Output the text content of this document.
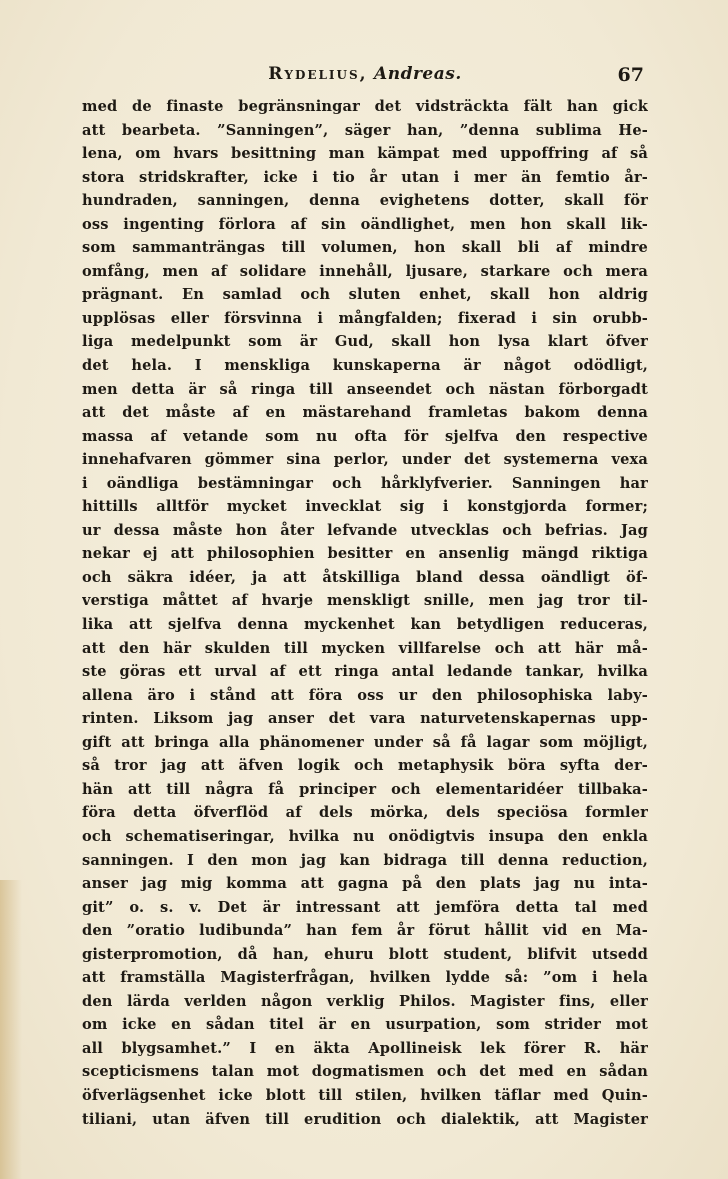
Rydelius, Andreas.	67
med de finaste begränsningar det vidsträckta fält han gick
att bearbeta. ”Sanningen”, säger han, ”denna sublima He-
lena, om hvars besittning man kämpat med uppoffring af så
stora stridskrafter, icke i tio år utan i mer än femtio år-
hundraden, sanningen, denna evighetens dotter, skall för
oss ingenting förlora af sin oändlighet, men hon skall lik-
som sammanträngas till volumen, hon skall bli af mindre
omfång, men af solidare innehåll, ljusare, starkare och mera
prägnant. En samlad och sluten enhet, skall hon aldrig
upplösas eller försvinna i mångfalden; fixerad i sin orubb-
liga medelpunkt som är Gud, skall hon lysa klart öfver
det hela. I menskliga kunskaperna är något odödligt,
men detta är så ringa till anseendet och nästan förborgadt
att det måste af en mästarehand framletas bakom denna
massa af vetande som nu ofta för sjelfva den respective
innehafvaren gömmer sina perlor, under det systemerna vexa
i oändliga bestämningar och hårklyfverier. Sanningen har
hittills alltför mycket invecklat sig i konstgjorda former;
ur dessa måste hon åter lefvande utvecklas och befrias. Jag
nekar ej att philosophien besitter en ansenlig mängd riktiga
och säkra idéer, ja att åtskilliga bland dessa oändligt öf-
verstiga måttet af hvarje menskligt snille, men jag tror til-
lika att sjelfva denna myckenhet kan betydligen reduceras,
att den här skulden till mycken villfarelse och att här må-
ste göras ett urval af ett ringa antal ledande tankar, hvilka
allena äro i stånd att föra oss ur den philosophiska laby-
rinten. Liksom jag anser det vara naturvetenskapernas upp-
gift att bringa alla phänomener under så få lagar som möjligt,
så tror jag att äfven logik och metaphysik böra syfta der-
hän att till några få principer och elementaridéer tillbaka-
föra detta öfverflöd af dels mörka, dels speciösa formler
och schematiseringar, hvilka nu onödigtvis insupa den enkla
sanningen. I den mon jag kan bidraga till denna reduction,
anser jag mig komma att gagna på den plats jag nu inta-
git” o. s. v. Det är intressant att jemföra detta tal med
den ”oratio ludibunda” han fem år förut hållit vid en Ma-
gisterpromotion, då han, ehuru blott student, blifvit utsedd
att framställa Magisterfrågan, hvilken lydde så: ”om i hela
den lärda verlden någon verklig Philos. Magister fins, eller
om icke en sådan titel är en usurpation, som strider mot
all blygsamhet.” I en äkta Apollineisk lek förer R. här
scepticismens talan mot dogmatismen och det med en sådan
öfverlägsenhet icke blott till stilen, hvilken täflar med Quin-
tiliani, utan äfven till erudition och dialektik, att Magister
